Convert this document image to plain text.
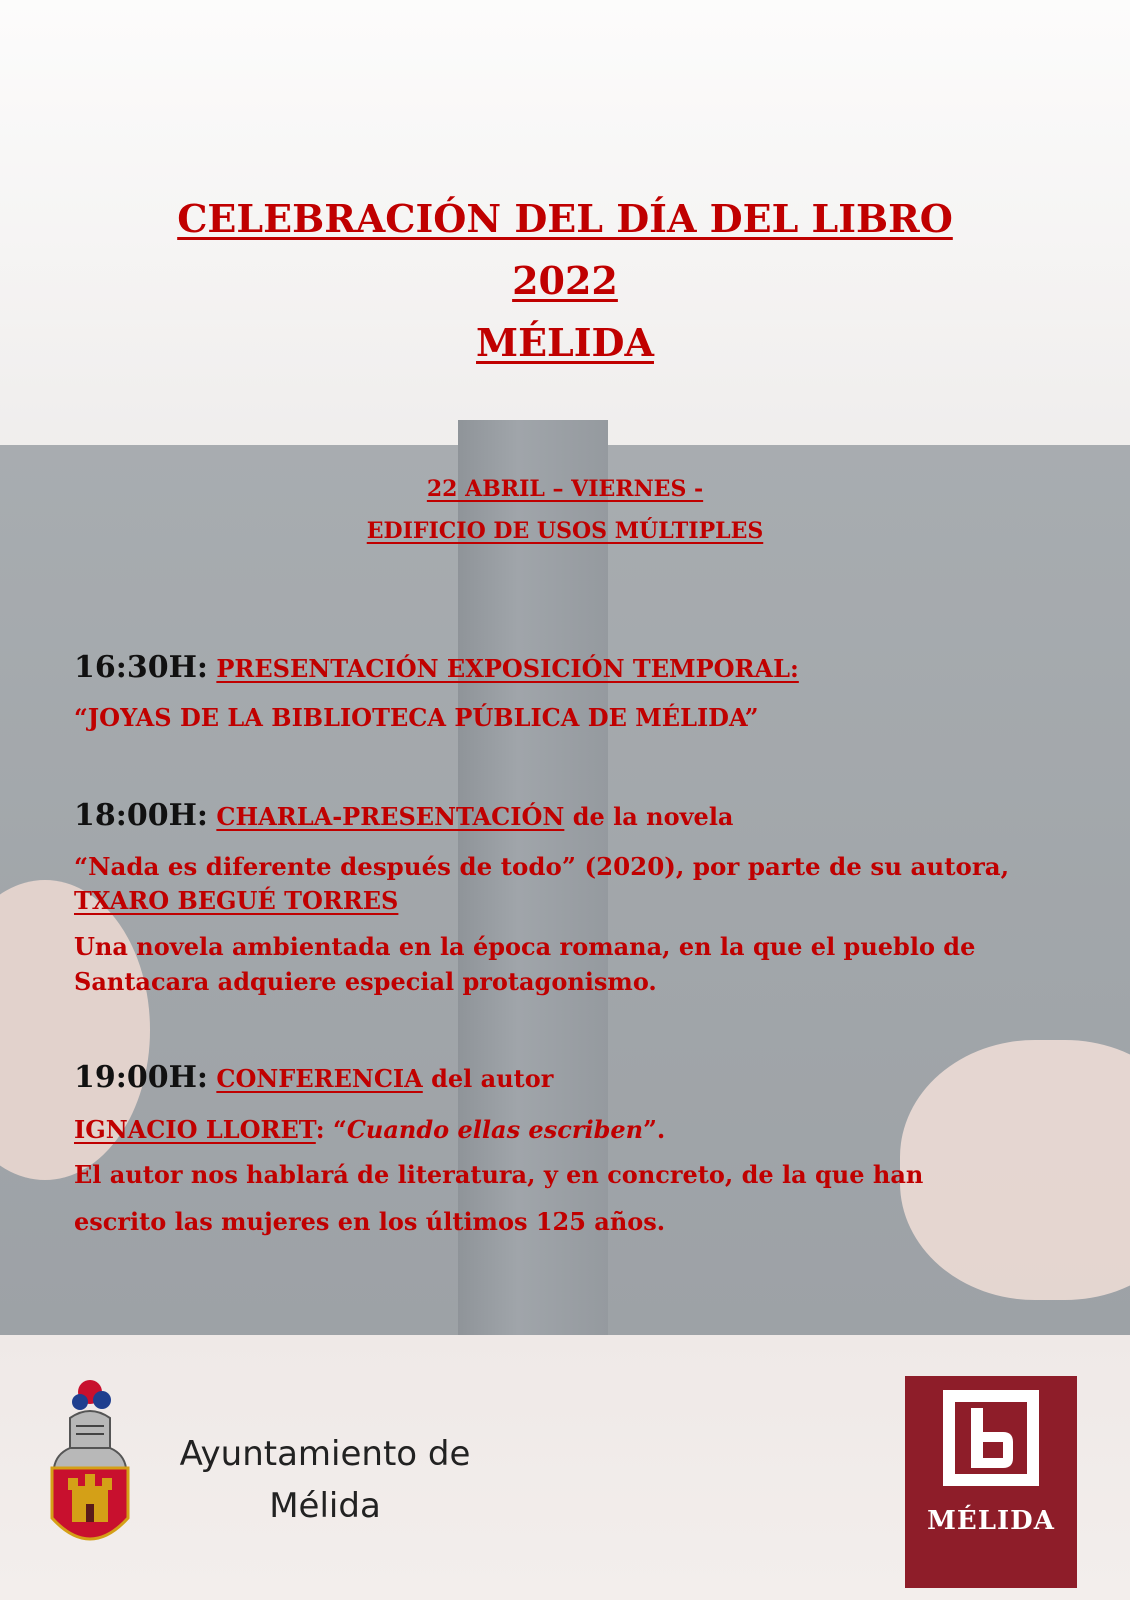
CELEBRACIÓN DEL DÍA DEL LIBRO
2022
MÉLIDA
22 ABRIL – VIERNES -
EDIFICIO DE USOS MÚLTIPLES
16:30H: PRESENTACIÓN EXPOSICIÓN TEMPORAL:
“JOYAS DE LA BIBLIOTECA PÚBLICA DE MÉLIDA”
18:00H: CHARLA-PRESENTACIÓN de la novela
“Nada es diferente después de todo” (2020), por parte de su autora,
TXARO BEGUÉ TORRES
Una novela ambientada en la época romana, en la que el pueblo de
Santacara adquiere especial protagonismo.
19:00H: CONFERENCIA del autor
IGNACIO LLORET: “Cuando ellas escriben”.
El autor nos hablará de literatura, y en concreto, de la que han
escrito las mujeres en los últimos 125 años.
Ayuntamiento de
Mélida	MÉLIDA
